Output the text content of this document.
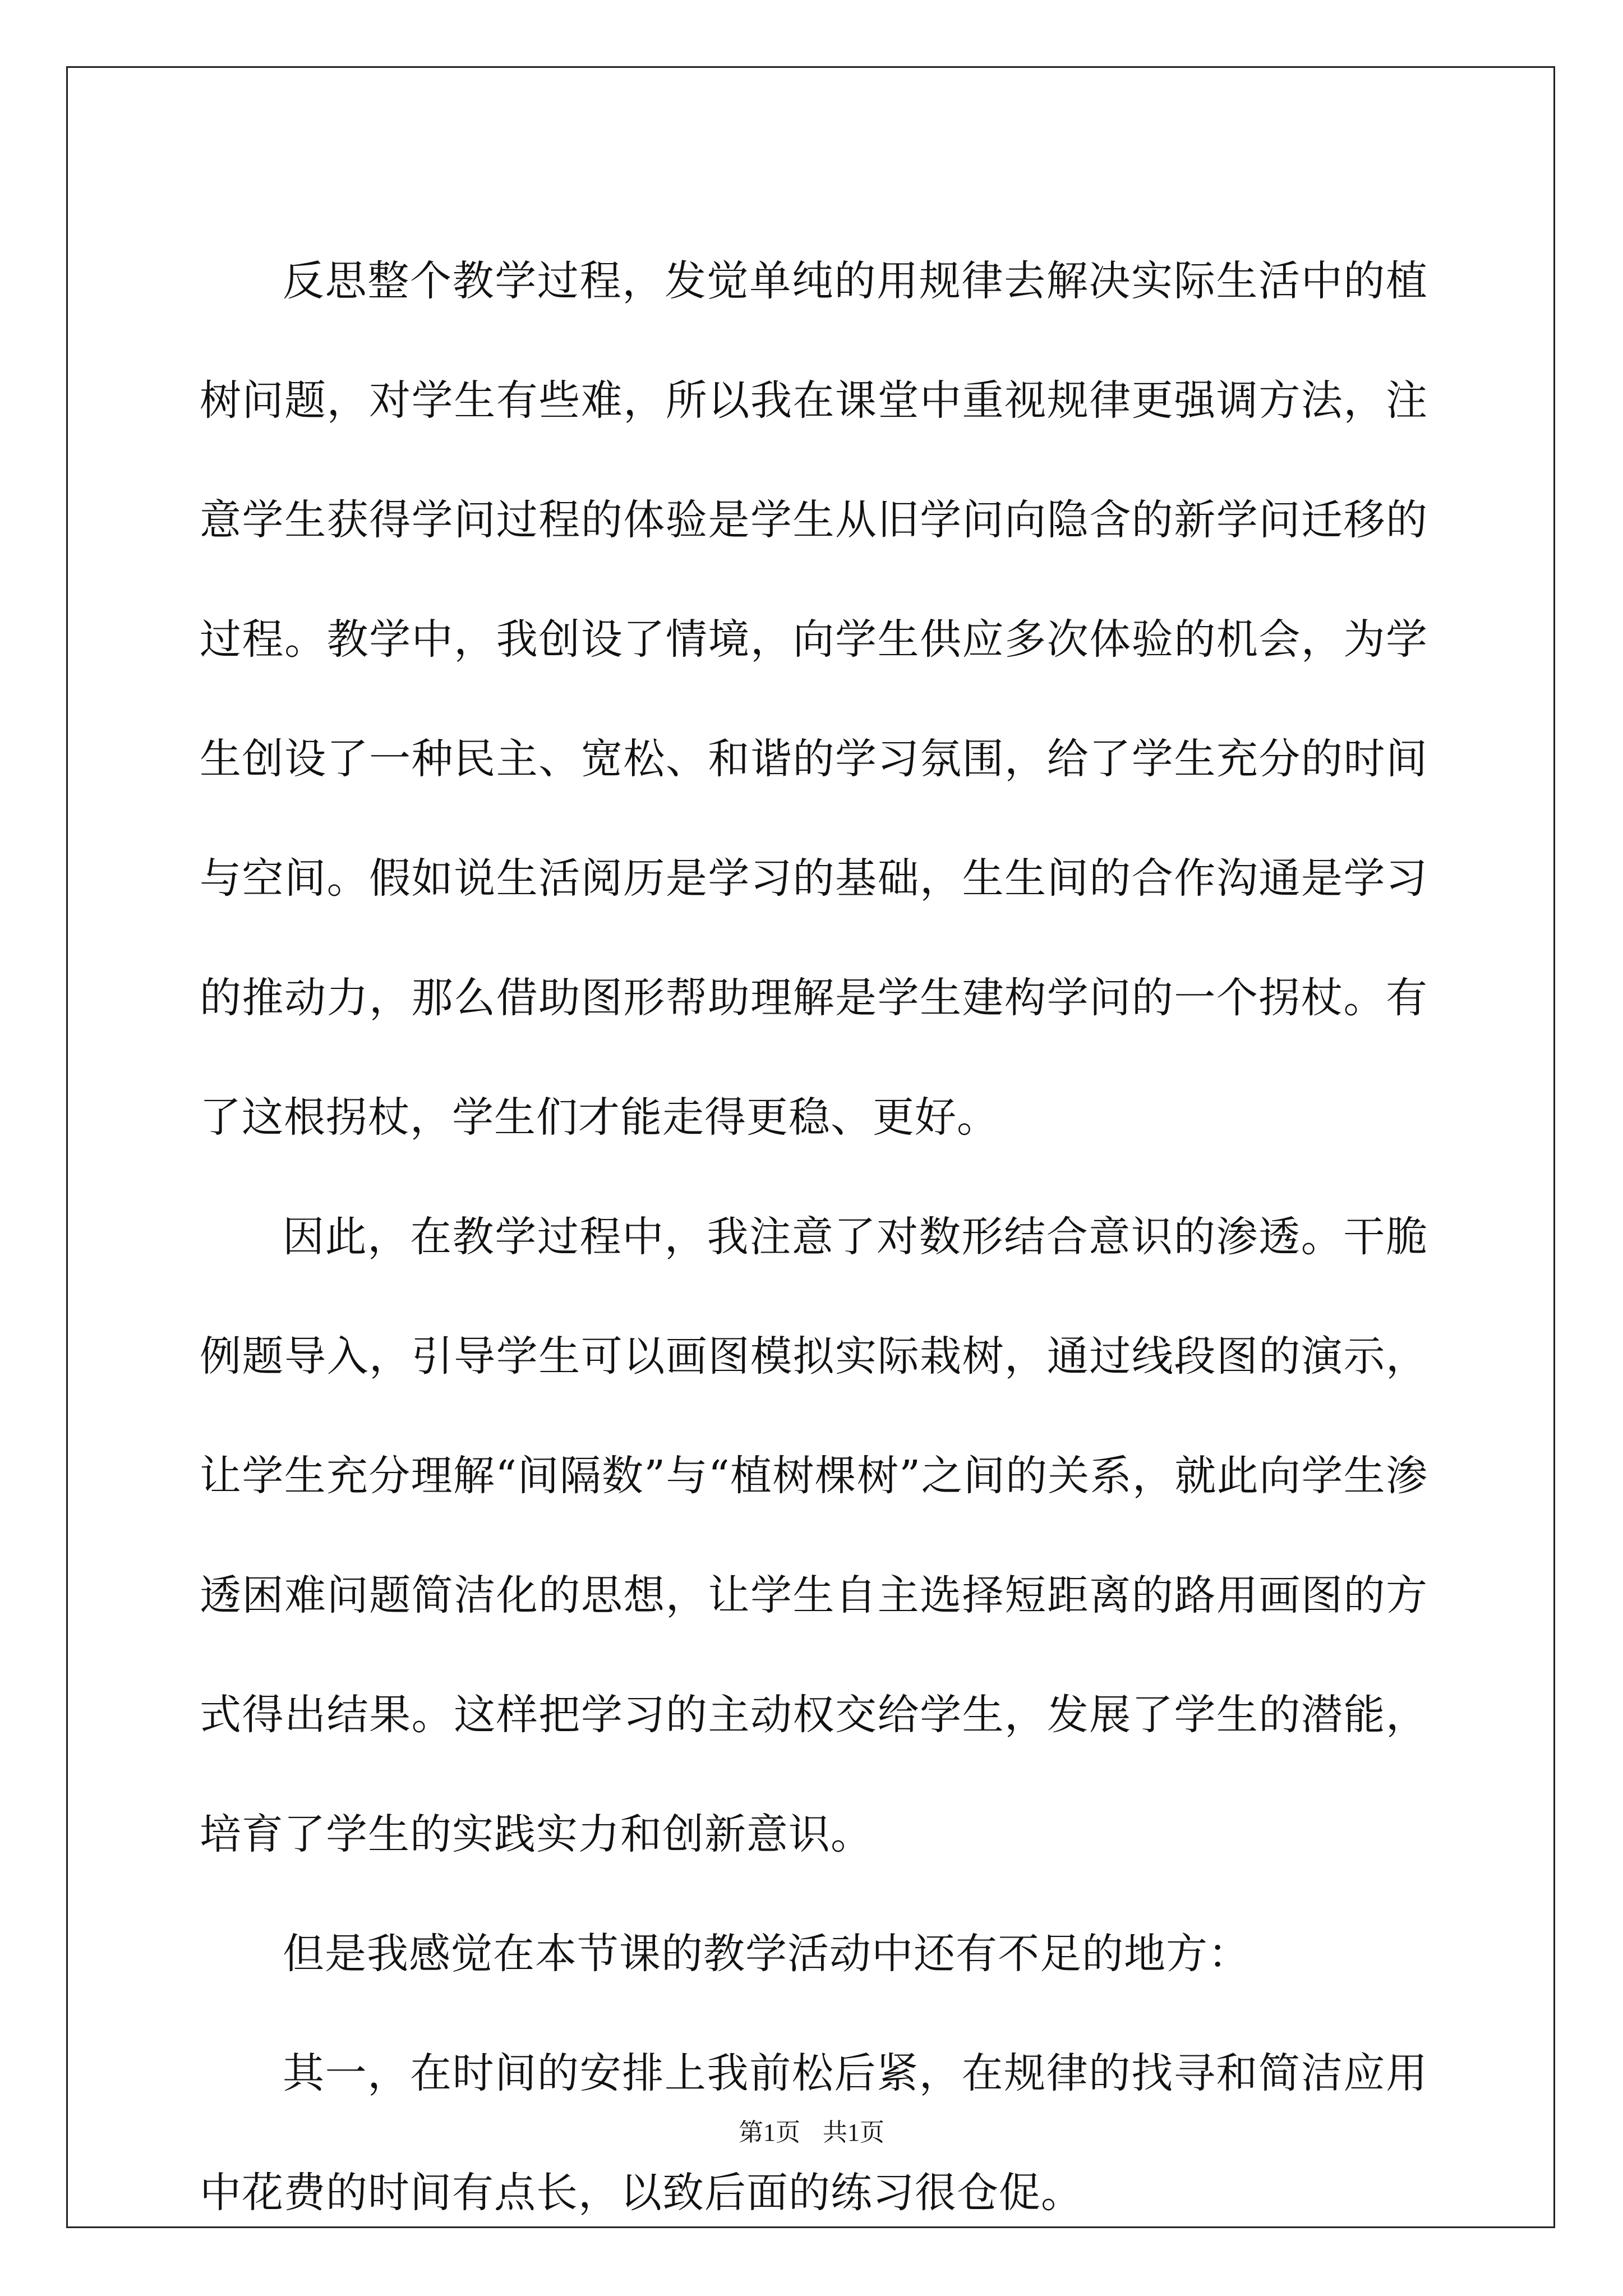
反思整个教学过程，发觉单纯的用规律去解决实际生活中的植树问题，对学生有些难，所以我在课堂中重视规律更强调方法，注意学生获得学问过程的体验是学生从旧学问向隐含的新学问迁移的过程。教学中，我创设了情境，向学生供应多次体验的机会，为学生创设了一种民主、宽松、和谐的学习氛围，给了学生充分的时间与空间。假如说生活阅历是学习的基础，生生间的合作沟通是学习的推动力，那么借助图形帮助理解是学生建构学问的一个拐杖。有了这根拐杖，学生们才能走得更稳、更好。

因此，在教学过程中，我注意了对数形结合意识的渗透。干脆例题导入，引导学生可以画图模拟实际栽树，通过线段图的演示，让学生充分理解“间隔数”与“植树棵树”之间的关系，就此向学生渗透困难问题简洁化的思想，让学生自主选择短距离的路用画图的方式得出结果。这样把学习的主动权交给学生，发展了学生的潜能，培育了学生的实践实力和创新意识。

但是我感觉在本节课的教学活动中还有不足的地方：

其一，在时间的安排上我前松后紧，在规律的找寻和简洁应用中花费的时间有点长，以致后面的练习很仓促。

第1页 共1页
